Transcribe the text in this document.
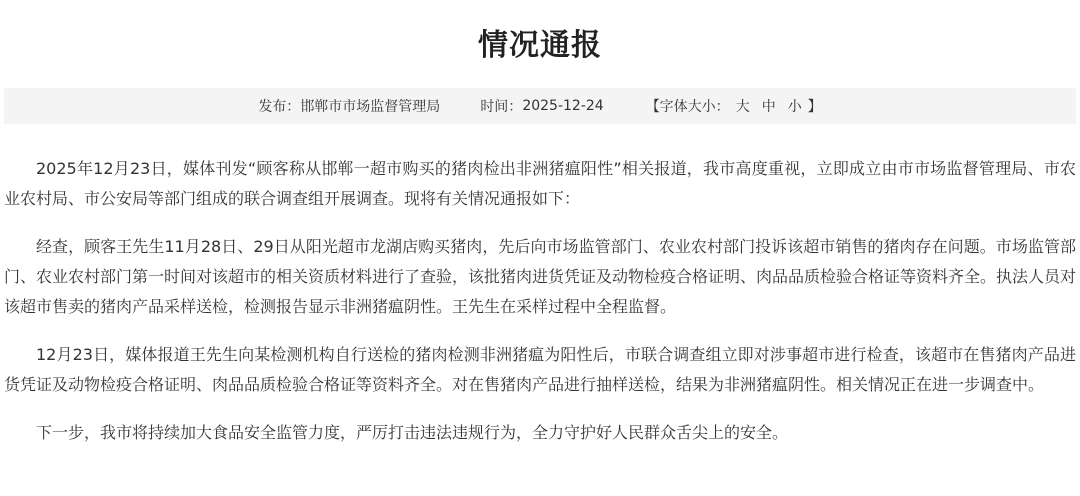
情况通报
发布： 邯郸市市场监督管理局	时间： 2025-12-24	【字体大小： 大 中 小 】

2025年12月23日，媒体刊发“顾客称从邯郸一超市购买的猪肉检出非洲猪瘟阳性”相关报道，我市高度重视，立即成立由市市场监督管理局、市农业农村局、市公安局等部门组成的联合调查组开展调查。现将有关情况通报如下：

经查，顾客王先生11月28日、29日从阳光超市龙湖店购买猪肉，先后向市场监管部门、农业农村部门投诉该超市销售的猪肉存在问题。市场监管部门、农业农村部门第一时间对该超市的相关资质材料进行了查验，该批猪肉进货凭证及动物检疫合格证明、肉品品质检验合格证等资料齐全。执法人员对该超市售卖的猪肉产品采样送检，检测报告显示非洲猪瘟阴性。王先生在采样过程中全程监督。

12月23日，媒体报道王先生向某检测机构自行送检的猪肉检测非洲猪瘟为阳性后，市联合调查组立即对涉事超市进行检查，该超市在售猪肉产品进货凭证及动物检疫合格证明、肉品品质检验合格证等资料齐全。对在售猪肉产品进行抽样送检，结果为非洲猪瘟阴性。相关情况正在进一步调查中。

下一步，我市将持续加大食品安全监管力度，严厉打击违法违规行为，全力守护好人民群众舌尖上的安全。
